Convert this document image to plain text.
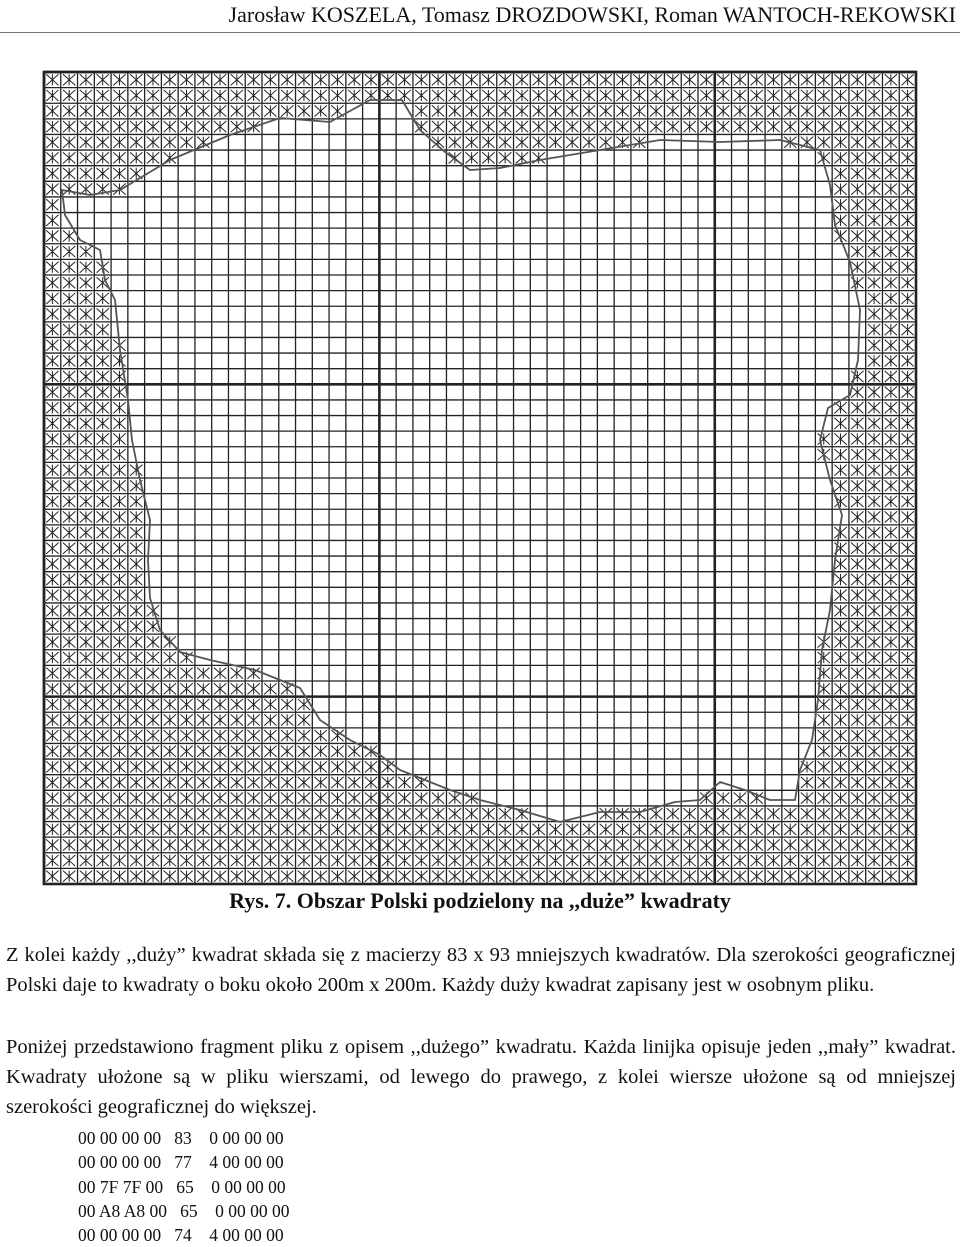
Jarosław KOSZELA, Tomasz DROZDOWSKI, Roman WANTOCH-REKOWSKI
Rys. 7. Obszar Polski podzielony na ,,duże” kwadraty

Z kolei każdy ,,duży” kwadrat składa się z macierzy 83 x 93 mniejszych kwadratów. Dla szerokości geograficznej Polski daje to kwadraty o boku około 200m x 200m. Każdy duży kwadrat zapisany jest w osobnym pliku.

Poniżej przedstawiono fragment pliku z opisem ,,dużego” kwadratu. Każda linijka opisuje jeden ,,mały” kwadrat. Kwadraty ułożone są w pliku wierszami, od lewego do prawego, z kolei wiersze ułożone są od mniejszej szerokości geograficznej do większej.

00 00 00 00   83    0 00 00 00
00 00 00 00   77    4 00 00 00
00 7F 7F 00   65    0 00 00 00
00 A8 A8 00   65    0 00 00 00
00 00 00 00   74    4 00 00 00
